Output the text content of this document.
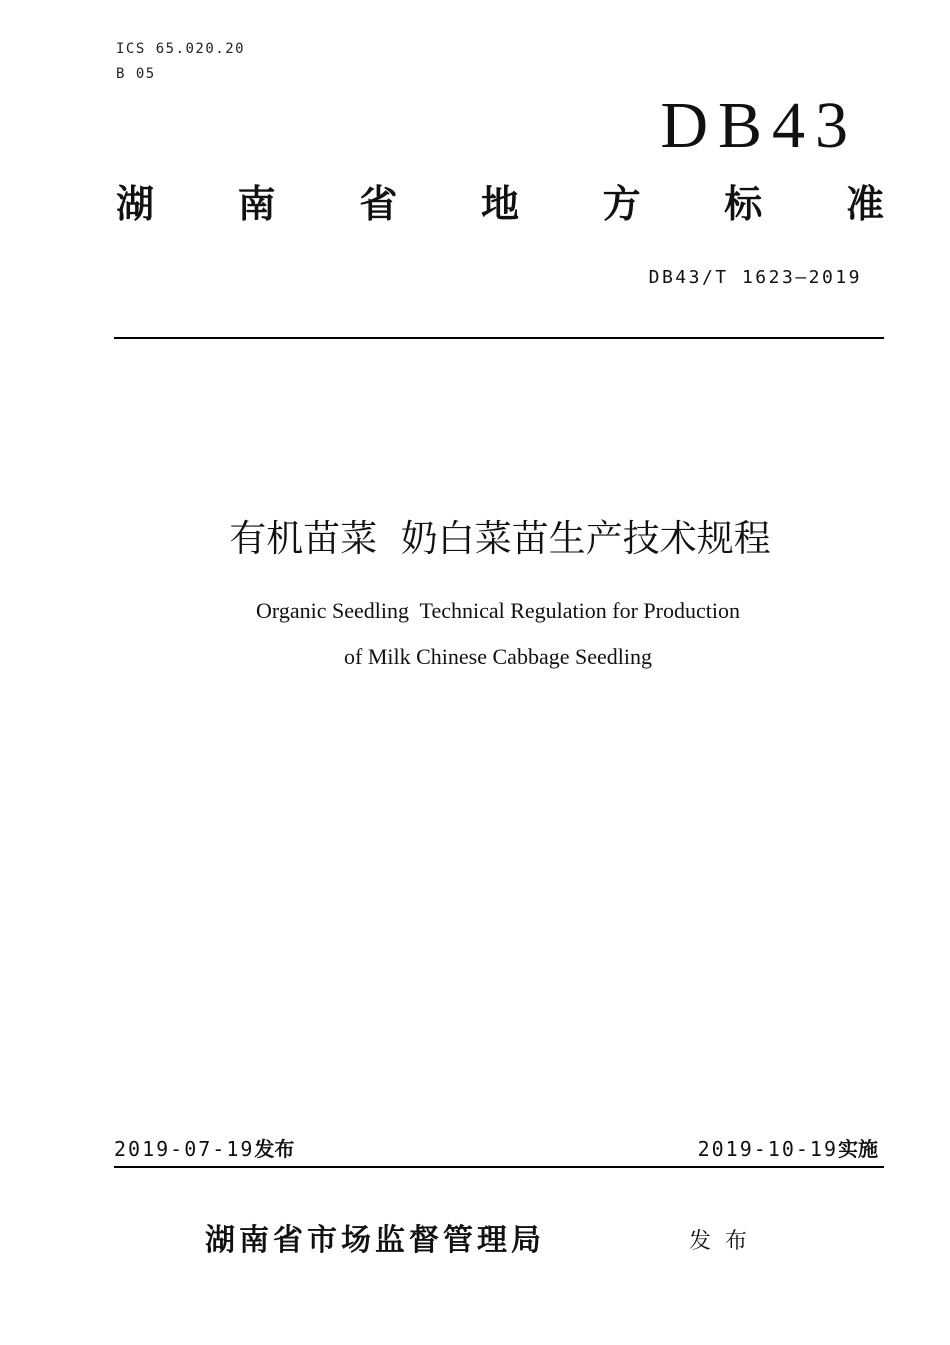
ICS 65.020.20
B 05
DB43
湖 南 省 地 方 标 准
DB43/T 1623—2019
有机苗菜  奶白菜苗生产技术规程
Organic Seedling  Technical Regulation for Production
of Milk Chinese Cabbage Seedling
2019-07-19发布	2019-10-19实施
湖南省市场监督管理局	发布
